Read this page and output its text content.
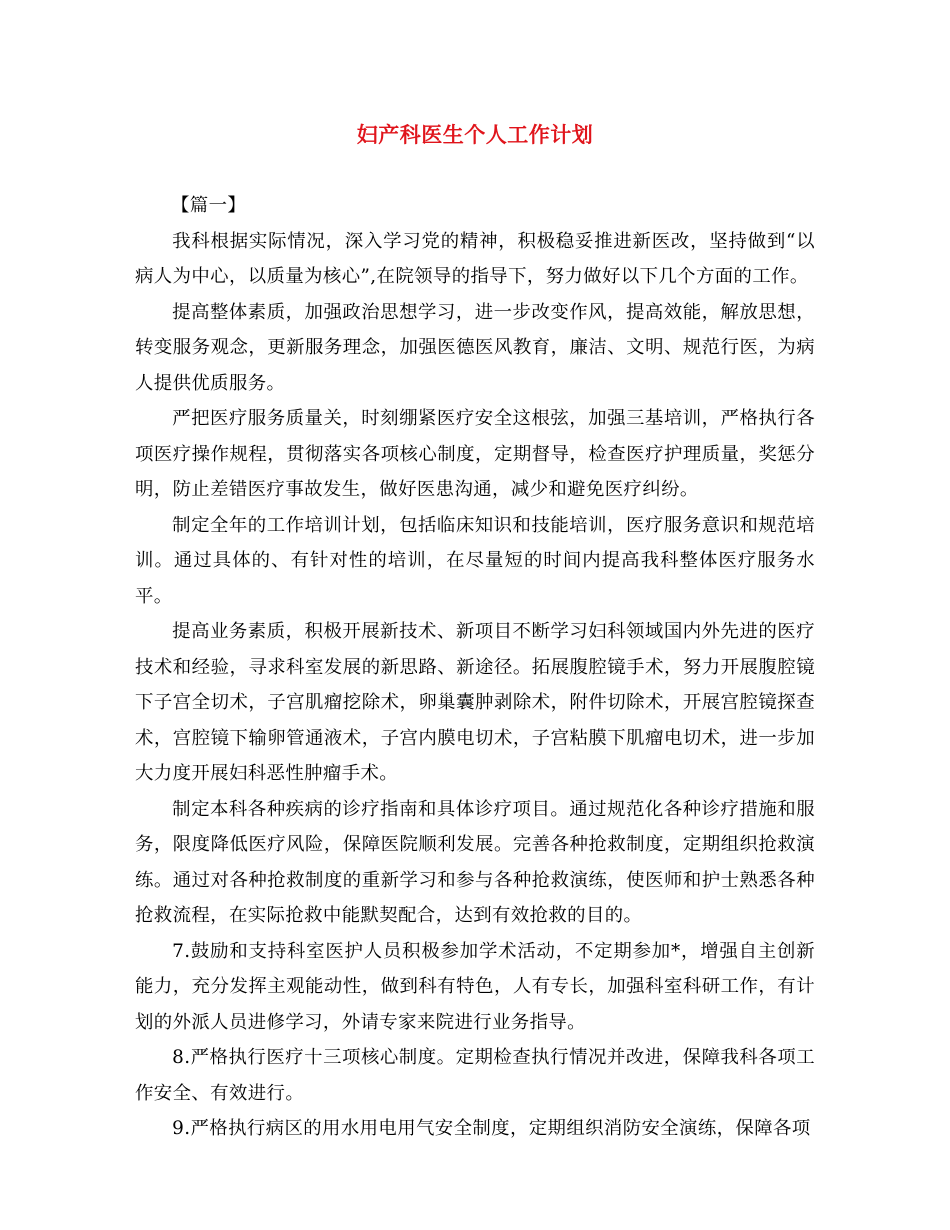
妇产科医生个人工作计划

【篇一】

我科根据实际情况，深入学习党的精神，积极稳妥推进新医改，坚持做到“以病人为中心，以质量为核心”,在院领导的指导下，努力做好以下几个方面的工作。

提高整体素质，加强政治思想学习，进一步改变作风，提高效能，解放思想，转变服务观念，更新服务理念，加强医德医风教育，廉洁、文明、规范行医，为病人提供优质服务。

严把医疗服务质量关，时刻绷紧医疗安全这根弦，加强三基培训，严格执行各项医疗操作规程，贯彻落实各项核心制度，定期督导，检查医疗护理质量，奖惩分明，防止差错医疗事故发生，做好医患沟通，减少和避免医疗纠纷。

制定全年的工作培训计划，包括临床知识和技能培训，医疗服务意识和规范培训。通过具体的、有针对性的培训，在尽量短的时间内提高我科整体医疗服务水平。

提高业务素质，积极开展新技术、新项目不断学习妇科领域国内外先进的医疗技术和经验，寻求科室发展的新思路、新途径。拓展腹腔镜手术，努力开展腹腔镜下子宫全切术，子宫肌瘤挖除术，卵巢囊肿剥除术，附件切除术，开展宫腔镜探查术，宫腔镜下输卵管通液术，子宫内膜电切术，子宫粘膜下肌瘤电切术，进一步加大力度开展妇科恶性肿瘤手术。

制定本科各种疾病的诊疗指南和具体诊疗项目。通过规范化各种诊疗措施和服务，限度降低医疗风险，保障医院顺利发展。完善各种抢救制度，定期组织抢救演练。通过对各种抢救制度的重新学习和参与各种抢救演练，使医师和护士熟悉各种抢救流程，在实际抢救中能默契配合，达到有效抢救的目的。

7.鼓励和支持科室医护人员积极参加学术活动，不定期参加*，增强自主创新能力，充分发挥主观能动性，做到科有特色，人有专长，加强科室科研工作，有计划的外派人员进修学习，外请专家来院进行业务指导。

8.严格执行医疗十三项核心制度。定期检查执行情况并改进，保障我科各项工作安全、有效进行。

9.严格执行病区的用水用电用气安全制度，定期组织消防安全演练，保障各项
